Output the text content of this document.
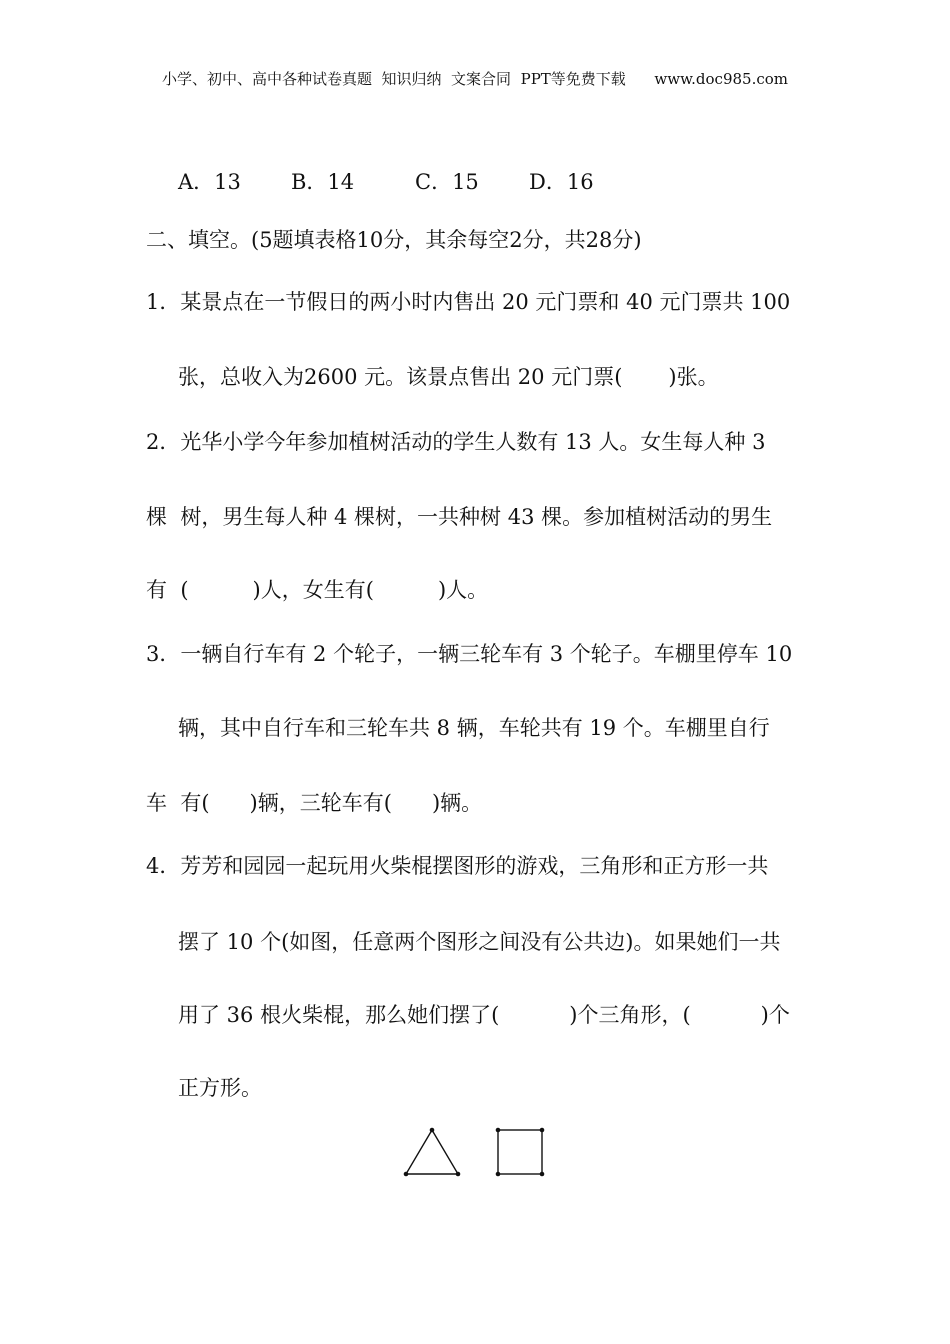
小学、初中、高中各种试卷真题  知识归纳  文案合同  PPT等免费下载 www.doc985.com
A．13 B．14	C．15 D．16
二、填空。(5题填表格10分，其余每空2分，共28分)
1．某景点在一节假日的两小时内售出 20 元门票和 40 元门票共 100
张，总收入为2600 元。该景点售出 20 元门票( )张。
2．光华小学今年参加植树活动的学生人数有 13 人。女生每人种 3
棵  树，男生每人种 4 棵树，一共种树 43 棵。参加植树活动的男生
有  (	)人，女生有(	)人。
3．一辆自行车有 2 个轮子，一辆三轮车有 3 个轮子。车棚里停车 10
辆，其中自行车和三轮车共 8 辆，车轮共有 19 个。车棚里自行
车  有( )辆，三轮车有( )辆。
4．芳芳和园园一起玩用火柴棍摆图形的游戏，三角形和正方形一共
摆了 10 个(如图，任意两个图形之间没有公共边)。如果她们一共
用了 36 根火柴棍，那么她们摆了(	)个三角形，(	)个
正方形。
